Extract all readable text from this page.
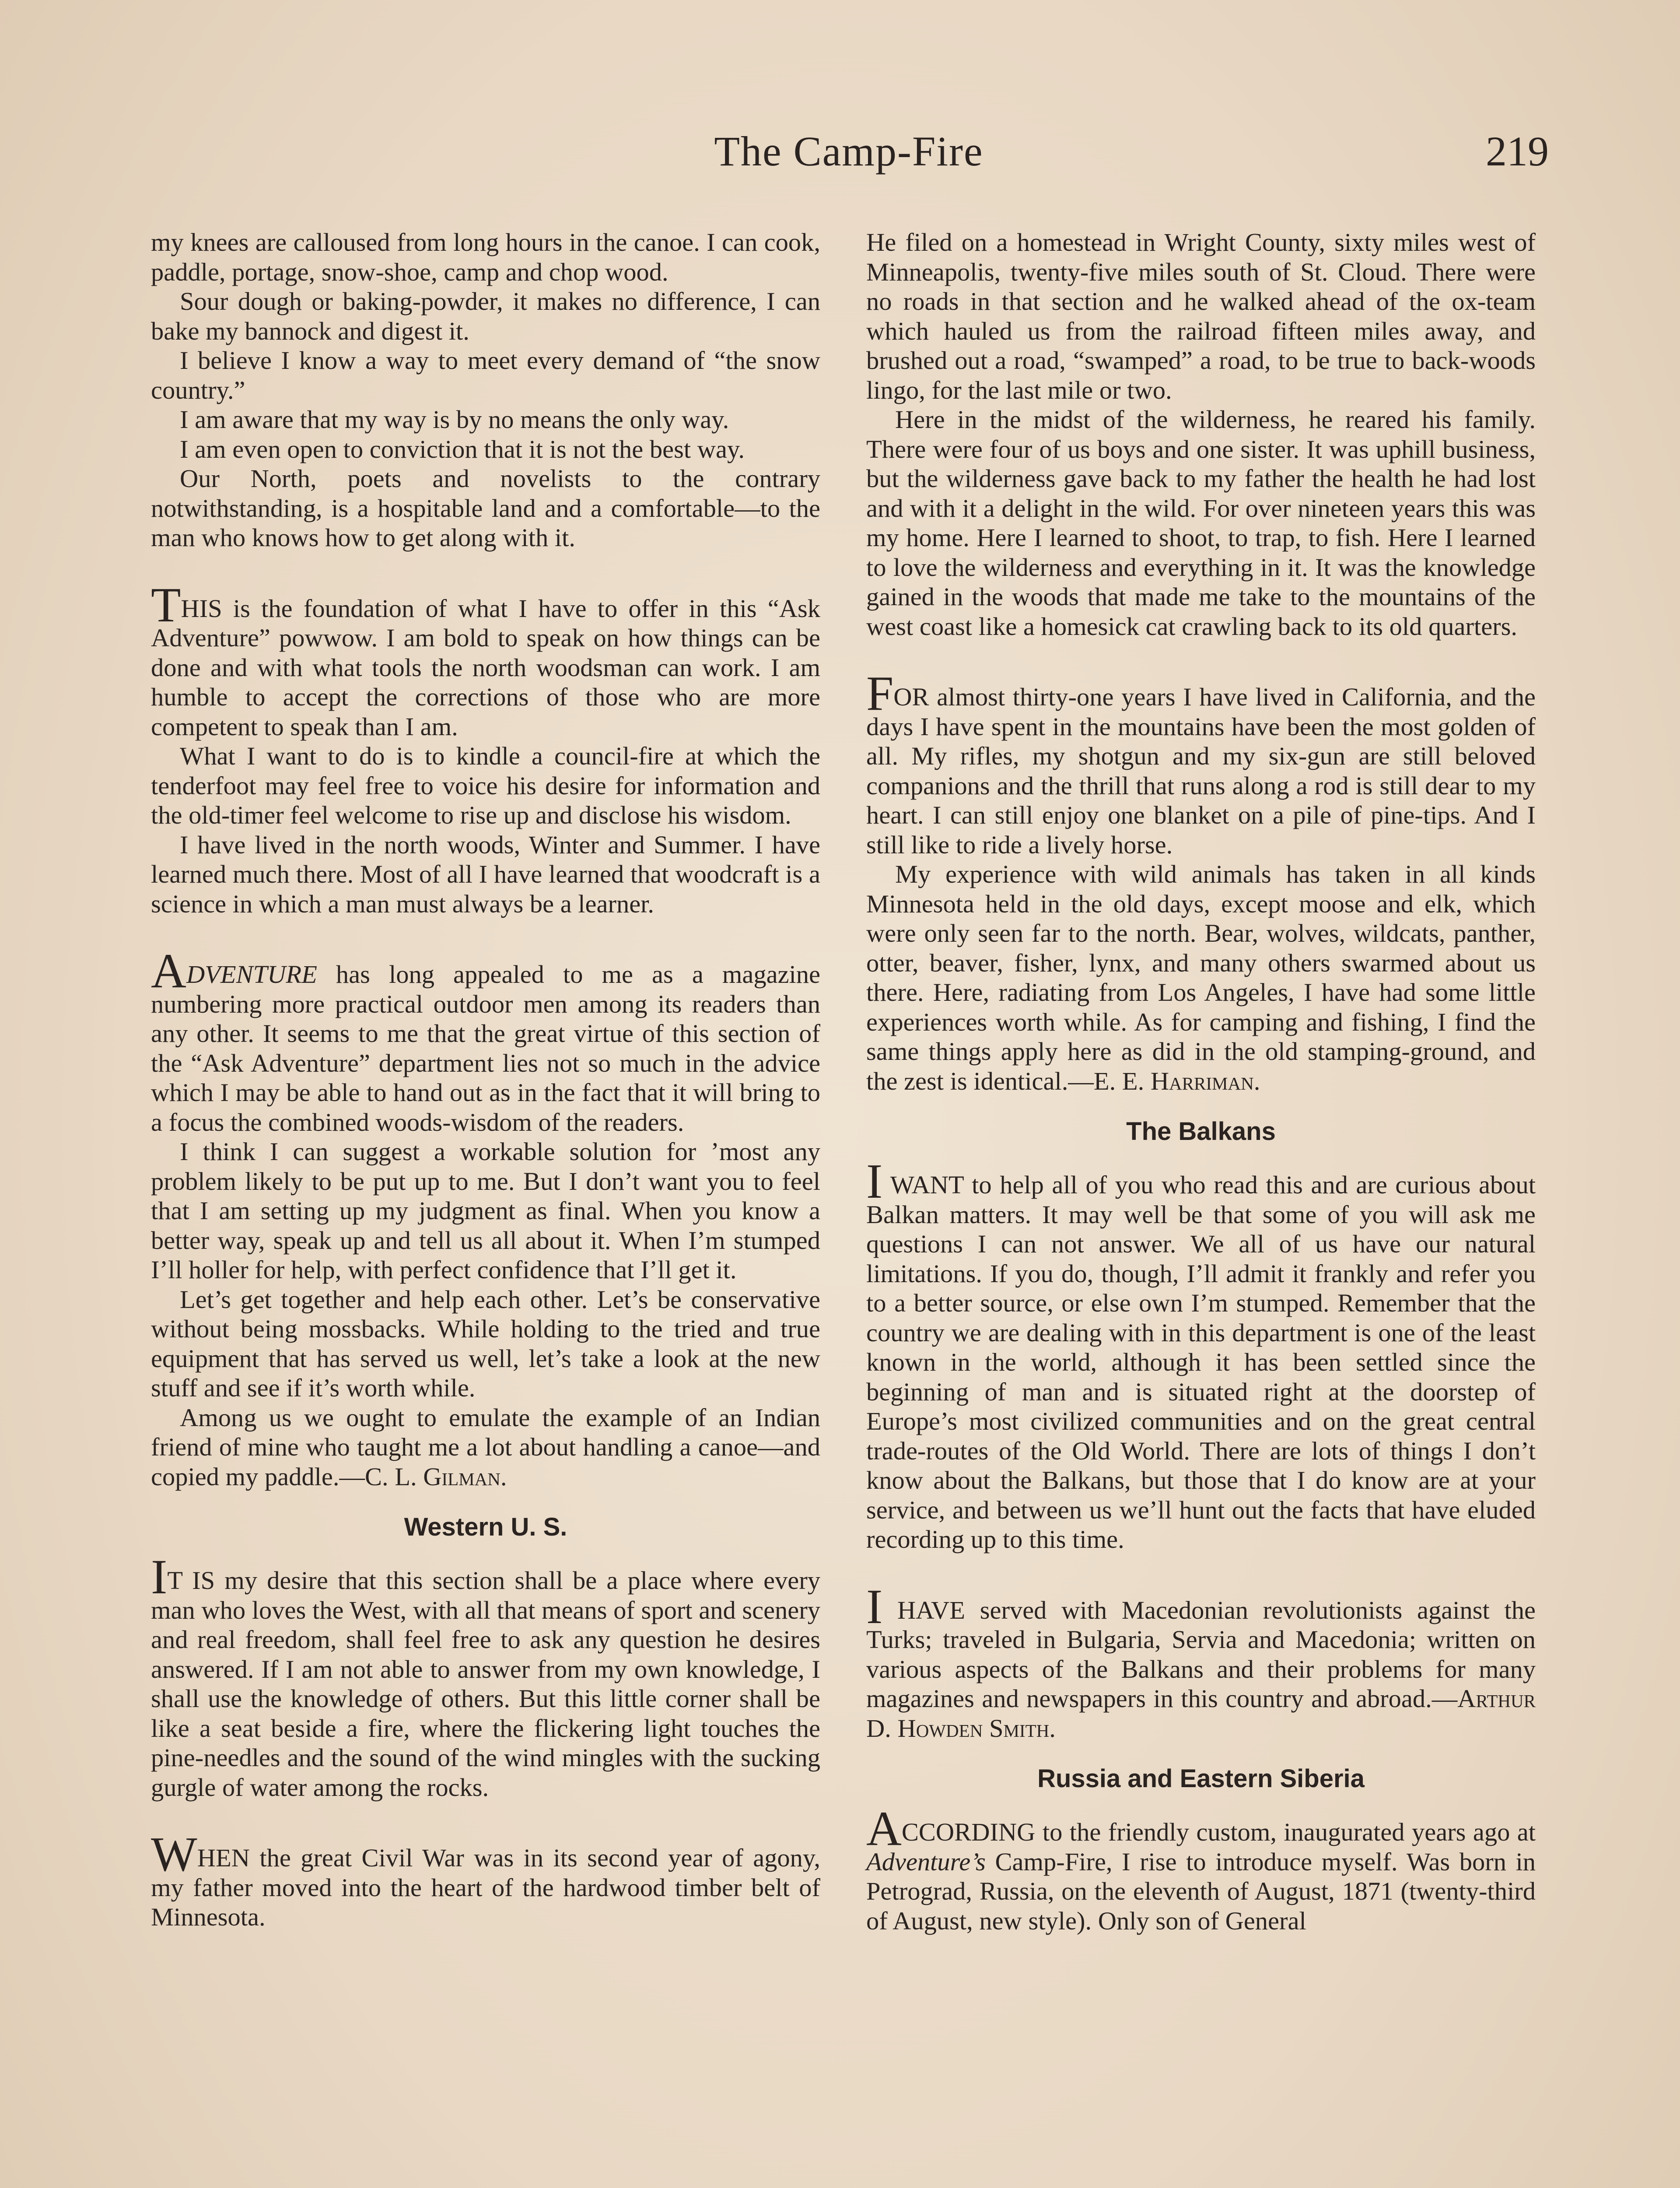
The Camp-Fire	219

my knees are calloused from long hours in the canoe. I can cook, paddle, portage, snow-shoe, camp and chop wood.

Sour dough or baking-powder, it makes no difference, I can bake my bannock and digest it.

I believe I know a way to meet every demand of “the snow country.”

I am aware that my way is by no means the only way.

I am even open to conviction that it is not the best way.

Our North, poets and novelists to the contrary notwithstanding, is a hospitable land and a comfortable—to the man who knows how to get along with it.

THIS is the foundation of what I have to offer in this “Ask Adventure” powwow. I am bold to speak on how things can be done and with what tools the north woodsman can work. I am humble to accept the corrections of those who are more competent to speak than I am.

What I want to do is to kindle a council-fire at which the tenderfoot may feel free to voice his desire for information and the old-timer feel welcome to rise up and disclose his wisdom.

I have lived in the north woods, Winter and Summer. I have learned much there. Most of all I have learned that woodcraft is a science in which a man must always be a learner.

ADVENTURE has long appealed to me as a magazine numbering more practical outdoor men among its readers than any other. It seems to me that the great virtue of this section of the “Ask Adventure” department lies not so much in the advice which I may be able to hand out as in the fact that it will bring to a focus the combined woods-wisdom of the readers.

I think I can suggest a workable solution for ’most any problem likely to be put up to me. But I don’t want you to feel that I am setting up my judgment as final. When you know a better way, speak up and tell us all about it. When I’m stumped I’ll holler for help, with perfect confidence that I’ll get it.

Let’s get together and help each other. Let’s be conservative without being mossbacks. While holding to the tried and true equipment that has served us well, let’s take a look at the new stuff and see if it’s worth while.

Among us we ought to emulate the example of an Indian friend of mine who taught me a lot about handling a canoe—and copied my paddle.—C. L. Gilman.

Western U. S.

IT IS my desire that this section shall be a place where every man who loves the West, with all that means of sport and scenery and real freedom, shall feel free to ask any question he desires answered. If I am not able to answer from my own knowledge, I shall use the knowledge of others. But this little corner shall be like a seat beside a fire, where the flickering light touches the pine-needles and the sound of the wind mingles with the sucking gurgle of water among the rocks.

WHEN the great Civil War was in its second year of agony, my father moved into the heart of the hardwood timber belt of Minnesota.

He filed on a homestead in Wright County, sixty miles west of Minneapolis, twenty-five miles south of St. Cloud. There were no roads in that section and he walked ahead of the ox-team which hauled us from the railroad fifteen miles away, and brushed out a road, “swamped” a road, to be true to back-woods lingo, for the last mile or two.

Here in the midst of the wilderness, he reared his family. There were four of us boys and one sister. It was uphill business, but the wilderness gave back to my father the health he had lost and with it a delight in the wild. For over nineteen years this was my home. Here I learned to shoot, to trap, to fish. Here I learned to love the wilderness and everything in it. It was the knowledge gained in the woods that made me take to the mountains of the west coast like a homesick cat crawling back to its old quarters.

FOR almost thirty-one years I have lived in California, and the days I have spent in the mountains have been the most golden of all. My rifles, my shotgun and my six-gun are still beloved companions and the thrill that runs along a rod is still dear to my heart. I can still enjoy one blanket on a pile of pine-tips. And I still like to ride a lively horse.

My experience with wild animals has taken in all kinds Minnesota held in the old days, except moose and elk, which were only seen far to the north. Bear, wolves, wildcats, panther, otter, beaver, fisher, lynx, and many others swarmed about us there. Here, radiating from Los Angeles, I have had some little experiences worth while. As for camping and fishing, I find the same things apply here as did in the old stamping-ground, and the zest is identical.—E. E. Harriman.

The Balkans

I WANT to help all of you who read this and are curious about Balkan matters. It may well be that some of you will ask me questions I can not answer. We all of us have our natural limitations. If you do, though, I’ll admit it frankly and refer you to a better source, or else own I’m stumped. Remember that the country we are dealing with in this department is one of the least known in the world, although it has been settled since the beginning of man and is situated right at the doorstep of Europe’s most civilized communities and on the great central trade-routes of the Old World. There are lots of things I don’t know about the Balkans, but those that I do know are at your service, and between us we’ll hunt out the facts that have eluded recording up to this time.

I HAVE served with Macedonian revolutionists against the Turks; traveled in Bulgaria, Servia and Macedonia; written on various aspects of the Balkans and their problems for many magazines and newspapers in this country and abroad.—Arthur D. Howden Smith.

Russia and Eastern Siberia

ACCORDING to the friendly custom, inaugurated years ago at Adventure’s Camp-Fire, I rise to introduce myself. Was born in Petrograd, Russia, on the eleventh of August, 1871 (twenty-third of August, new style). Only son of General
